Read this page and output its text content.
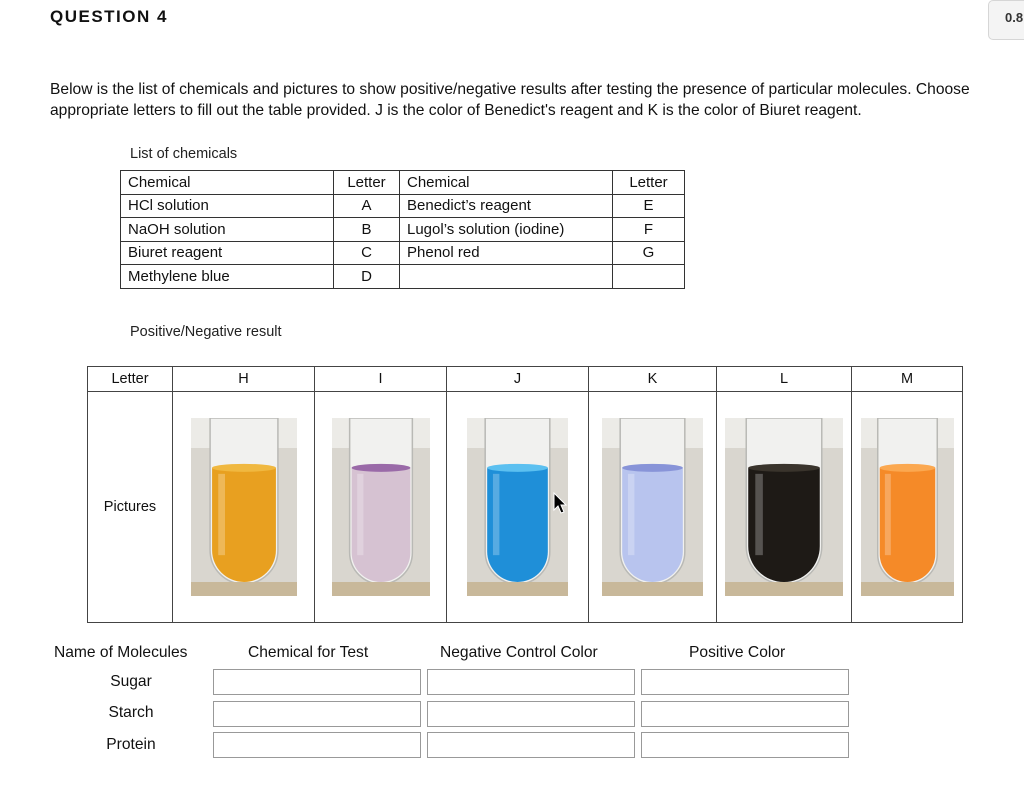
QUESTION 4	0.8
Below is the list of chemicals and pictures to show positive/negative results after testing the presence of particular molecules. Choose appropriate letters to fill out the table provided. J is the color of Benedict's reagent and K is the color of Biuret reagent.
List of chemicals
Chemical	Letter	Chemical	Letter
HCl solution	A	Benedict’s reagent	E
NaOH solution	B	Lugol’s solution (iodine)	F
Biuret reagent	C	Phenol red	G
Methylene blue	D		
Positive/Negative result
Letter	H	I	J	K	L	M
Pictures	

Name of Molecules	Chemical for Test	Negative Control Color	Positive Color
Sugar
Starch
Protein
